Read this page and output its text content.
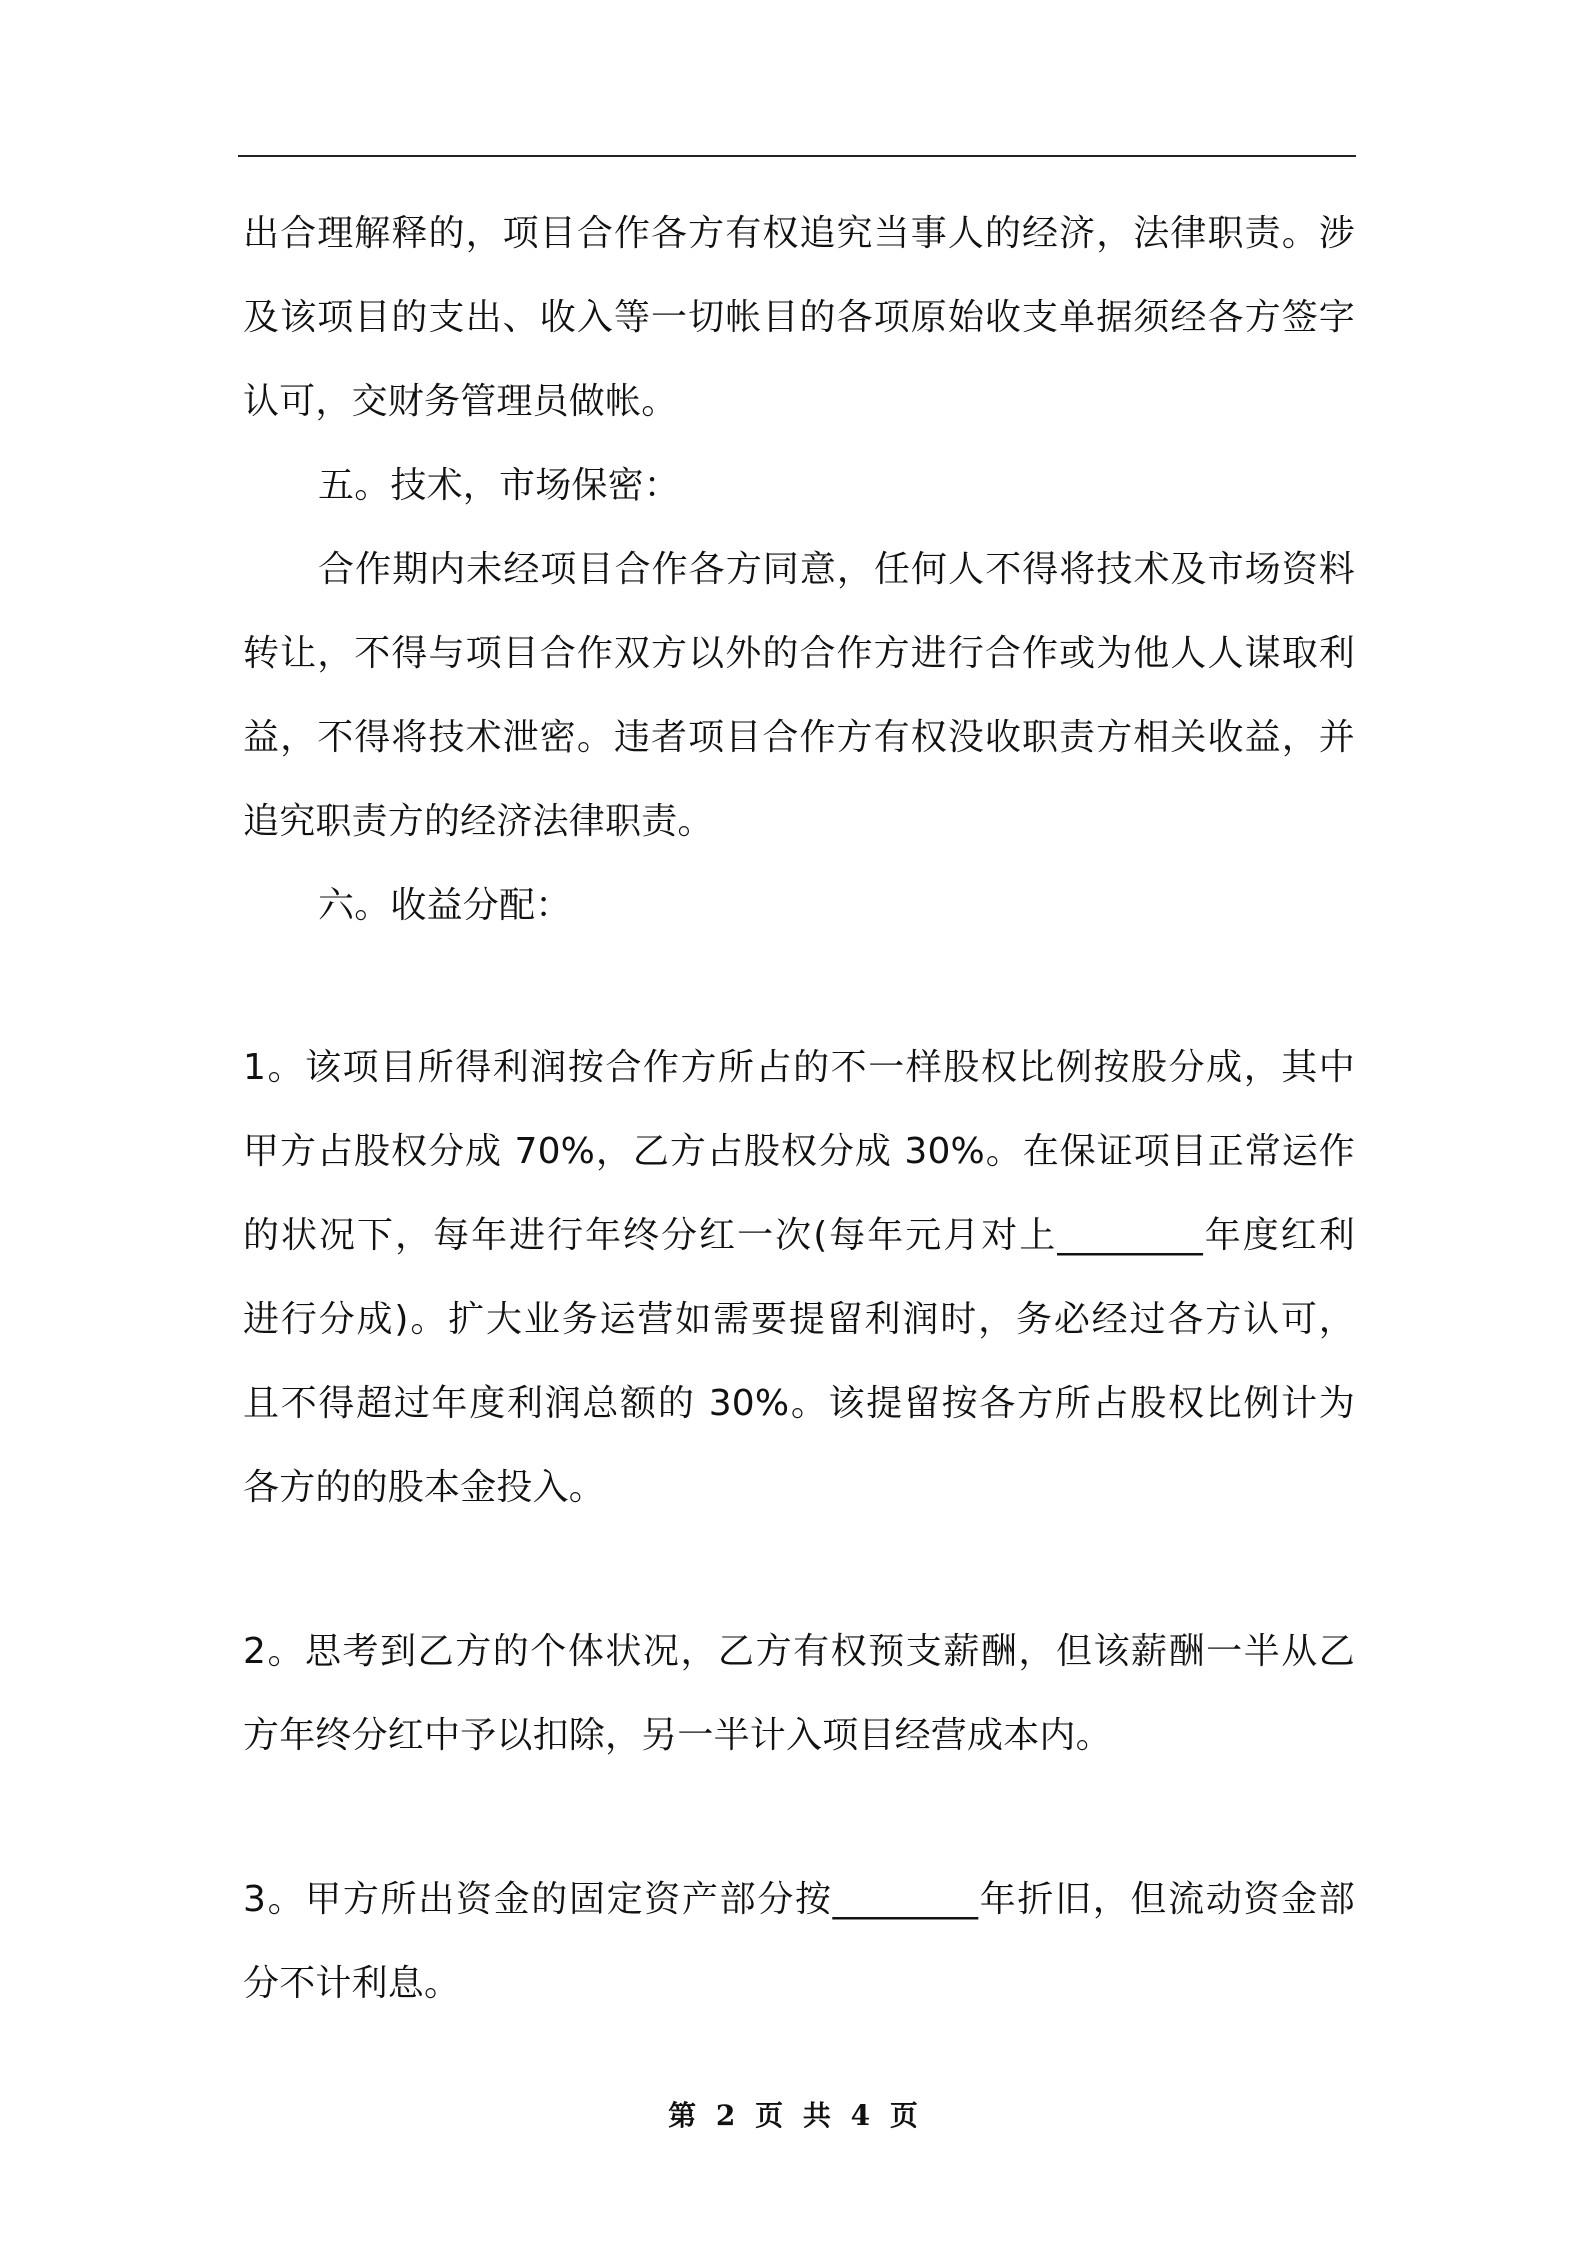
出合理解释的，项目合作各方有权追究当事人的经济，法律职责。涉
及该项目的支出、收入等一切帐目的各项原始收支单据须经各方签字
认可，交财务管理员做帐。
五。技术，市场保密：
合作期内未经项目合作各方同意，任何人不得将技术及市场资料
转让，不得与项目合作双方以外的合作方进行合作或为他人人谋取利
益，不得将技术泄密。违者项目合作方有权没收职责方相关收益，并
追究职责方的经济法律职责。
六。收益分配：
1。该项目所得利润按合作方所占的不一样股权比例按股分成，其中
甲方占股权分成 70%，乙方占股权分成 30%。在保证项目正常运作
的状况下，每年进行年终分红一次(每年元月对上________年度红利
进行分成)。扩大业务运营如需要提留利润时，务必经过各方认可，
且不得超过年度利润总额的 30%。该提留按各方所占股权比例计为
各方的的股本金投入。
2。思考到乙方的个体状况，乙方有权预支薪酬，但该薪酬一半从乙
方年终分红中予以扣除，另一半计入项目经营成本内。
3。甲方所出资金的固定资产部分按________年折旧，但流动资金部
分不计利息。
第 2 页 共 4 页
